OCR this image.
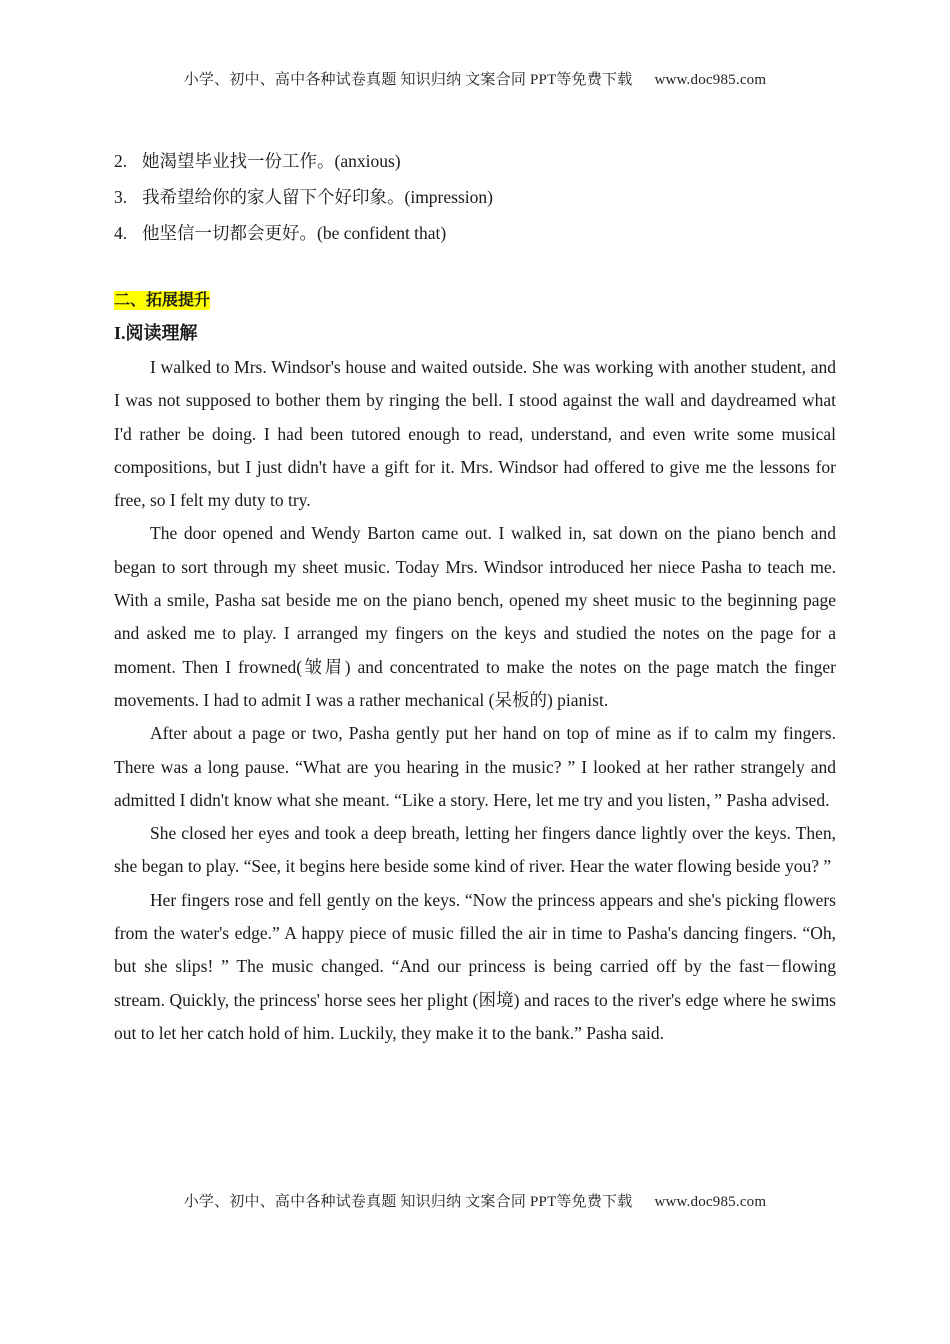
小学、初中、高中各种试卷真题 知识归纳 文案合同 PPT等免费下载 www.doc985.com
2. 她渴望毕业找一份工作。(anxious)
3. 我希望给你的家人留下个好印象。(impression)
4. 他坚信一切都会更好。(be confident that)
二、拓展提升
I.阅读理解

I walked to Mrs. Windsor's house and waited outside. She was working with another student, and I was not supposed to bother them by ringing the bell. I stood against the wall and daydreamed what I'd rather be doing. I had been tutored enough to read, understand, and even write some musical compositions, but I just didn't have a gift for it. Mrs. Windsor had offered to give me the lessons for free, so I felt my duty to try.

The door opened and Wendy Barton came out. I walked in, sat down on the piano bench and began to sort through my sheet music. Today Mrs. Windsor introduced her niece Pasha to teach me. With a smile, Pasha sat beside me on the piano bench, opened my sheet music to the beginning page and asked me to play. I arranged my fingers on the keys and studied the notes on the page for a moment. Then I frowned(皱眉) and concentrated to make the notes on the page match the finger movements. I had to admit I was a rather mechanical (呆板的) pianist.

After about a page or two, Pasha gently put her hand on top of mine as if to calm my fingers. There was a long pause. “What are you hearing in the music? ” I looked at her rather strangely and admitted I didn't know what she meant. “Like a story. Here, let me try and you listen，” Pasha advised.

She closed her eyes and took a deep breath, letting her fingers dance lightly over the keys. Then, she began to play. “See, it begins here beside some kind of river. Hear the water flowing beside you? ”

Her fingers rose and fell gently on the keys. “Now the princess appears and she's picking flowers from the water's edge.” A happy piece of music filled the air in time to Pasha's dancing fingers. “Oh, but she slips! ” The music changed. “And our princess is being carried off by the fast－flowing stream. Quickly, the princess' horse sees her plight (困境) and races to the river's edge where he swims out to let her catch hold of him. Luckily, they make it to the bank.” Pasha said.

小学、初中、高中各种试卷真题 知识归纳 文案合同 PPT等免费下载 www.doc985.com
